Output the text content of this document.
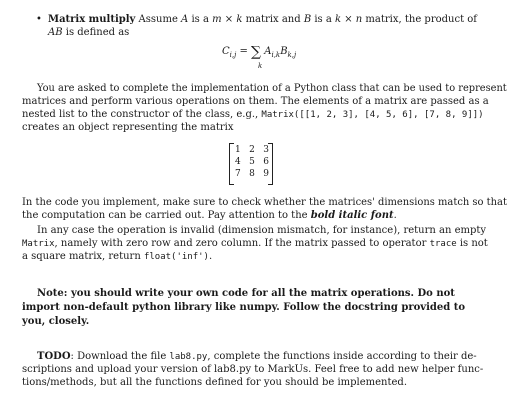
• Matrix multiply Assume A is a m × k matrix and B is a k × n matrix, the product of
AB is defined as
$C_{i,j}$ = ∑ $A_{i,k}B_{k,j}$
k
You are asked to complete the implementation of a Python class that can be used to represent
matrices and perform various operations on them. The elements of a matrix are passed as a
nested list to the constructor of the class, e.g., Matrix([[1, 2, 3], [4, 5, 6], [7, 8, 9]])
creates an object representing the matrix
1 2 3
4 5 6
7 8 9
In the code you implement, make sure to check whether the matrices' dimensions match so that
the computation can be carried out. Pay attention to the bold italic font.
In any case the operation is invalid (dimension mismatch, for instance), return an empty
Matrix, namely with zero row and zero column. If the matrix passed to operator trace is not
a square matrix, return float('inf').
Note: you should write your own code for all the matrix operations. Do not
import non-default python library like numpy. Follow the docstring provided to
you, closely.
TODO: Download the file lab8.py, complete the functions inside according to their de-
scriptions and upload your version of lab8.py to MarkUs. Feel free to add new helper func-
tions/methods, but all the functions defined for you should be implemented.
